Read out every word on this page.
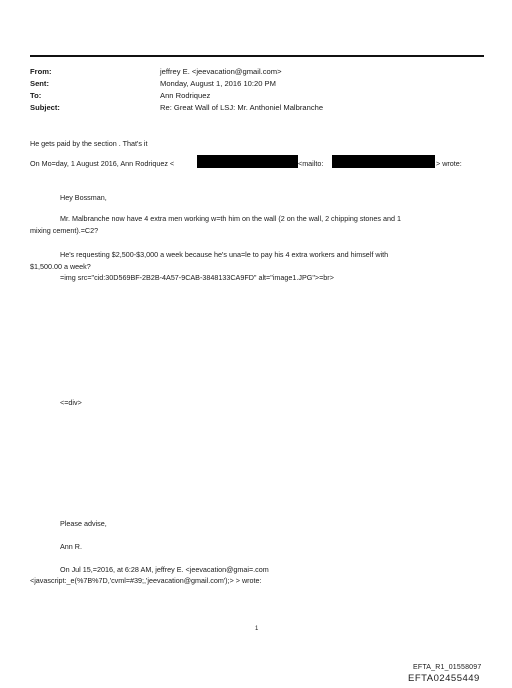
From:	jeffrey E. <jeevacation@gmail.com>
Sent:	Monday, August 1, 2016 10:20 PM
To:	Ann Rodriquez
Subject:	Re: Great Wall of LSJ: Mr. Anthoniel Malbranche
He gets paid by the section . That's it
On Mo=day, 1 August 2016, Ann Rodriquez <	<mailto:	> wrote:
Hey Bossman,
Mr. Malbranche now have 4 extra men working w=th him on the wall (2 on the wall, 2 chipping stones and 1
mixing cement).=C2?
He's requesting $2,500-$3,000 a week because he's una=le to pay his 4 extra workers and himself with
$1,500.00 a week?
=img src="cid:30D569BF-2B2B-4A57-9CAB-3848133CA9FD" alt="image1.JPG">=br>
<=div>
Please advise,
Ann R.
On Jul 15,=2016, at 6:28 AM, jeffrey E. <jeevacation@gmai=.com
<javascript:_e(%7B%7D,'cvml=#39;,'jeevacation@gmail.com');> > wrote:
1
EFTA_R1_01558097
EFTA02455449
